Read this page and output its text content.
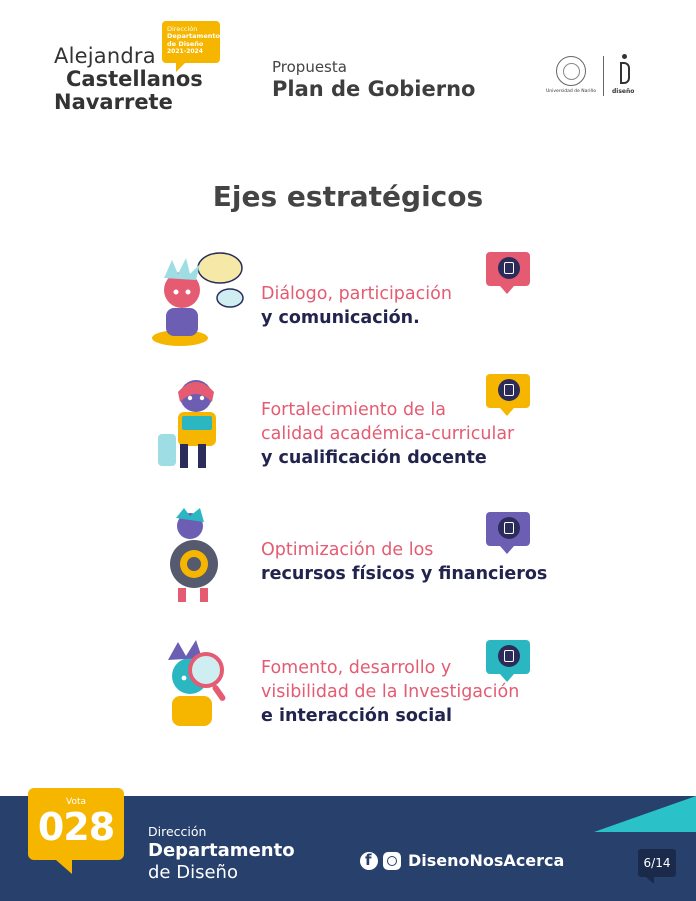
Alejandra
Castellanos
Navarrete
Dirección
Departamento
de Diseño
2021-2024
Propuesta
Plan de Gobierno	Universidad de Nariño	diseño
Ejes estratégicos
Diálogo, participación
y comunicación.
Fortalecimiento de la
calidad académica-curricular
y cualificación docente
Optimización de los
recursos físicos y financieros
Fomento, desarrollo y
visibilidad de la Investigación
e interacción social
Vota
028	Dirección
Departamento
de Diseño
f
DisenoNosAcerca	6/14
